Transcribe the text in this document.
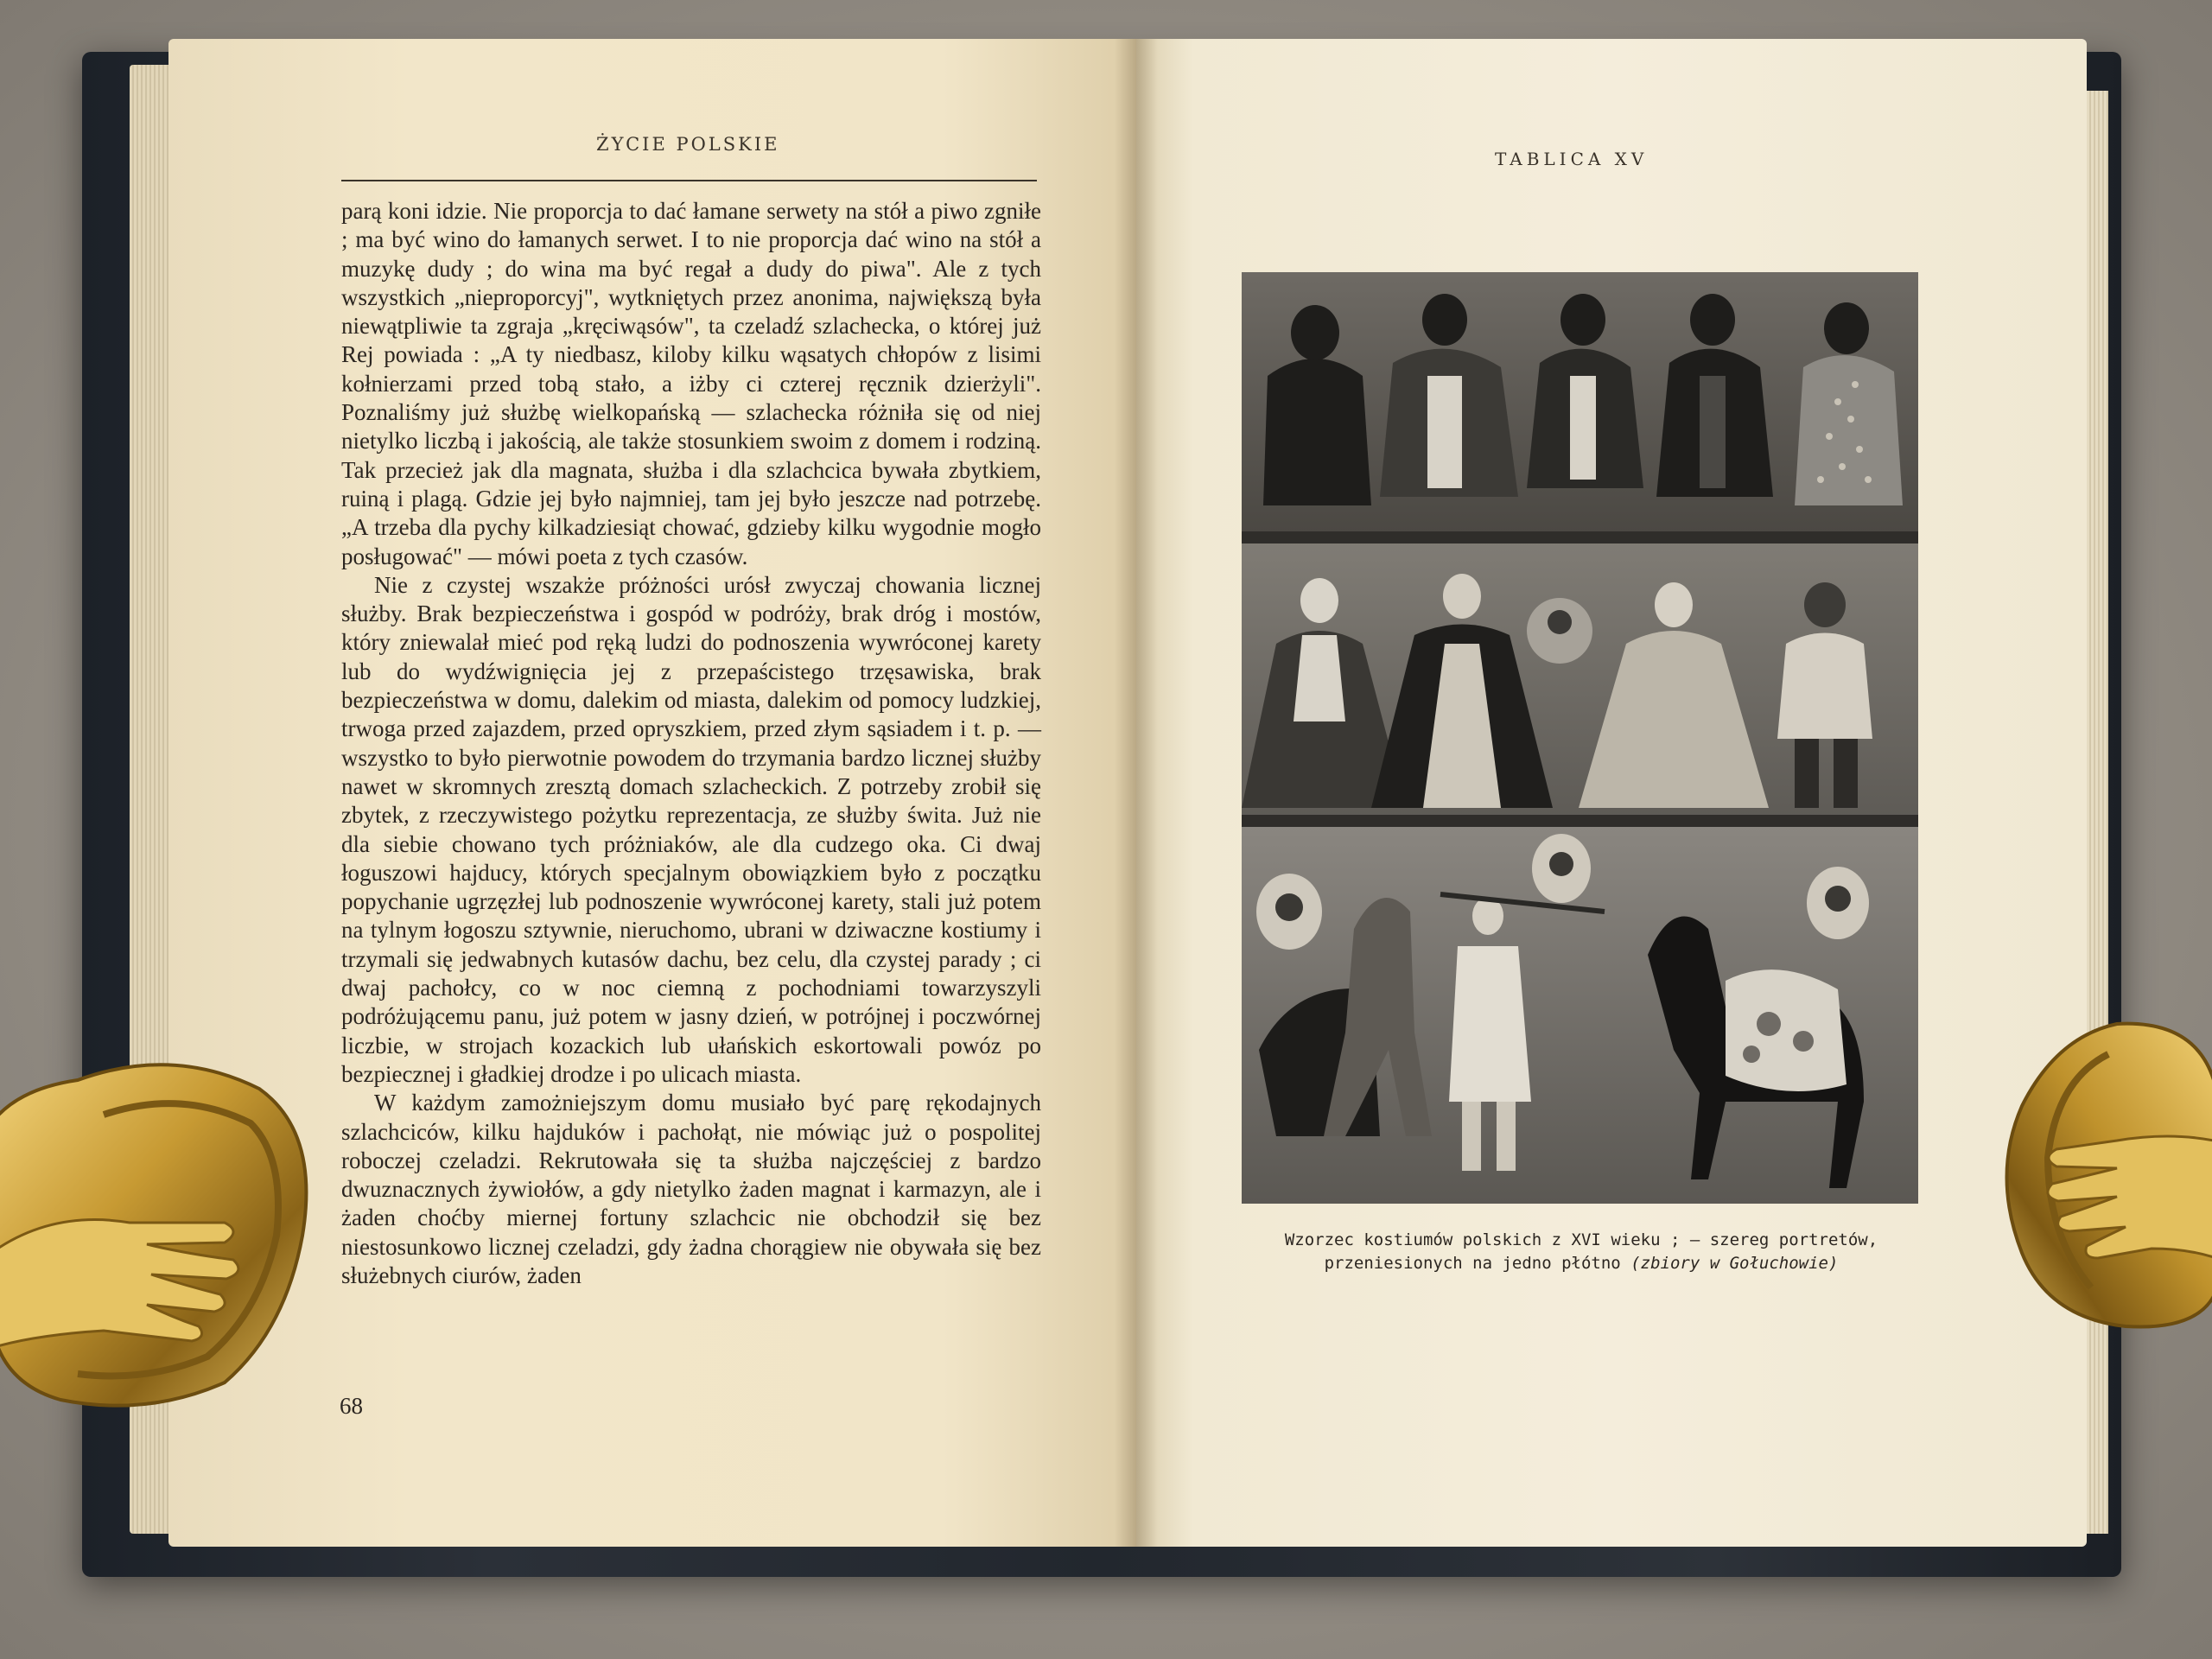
ŻYCIE POLSKIE

parą koni idzie. Nie proporcja to dać łamane serwety na stół a piwo zgniłe ; ma być wino do łamanych serwet. I to nie proporcja dać wino na stół a muzykę dudy ; do wina ma być regał a dudy do piwa". Ale z tych wszystkich „nieproporcyj", wytkniętych przez anonima, największą była niewątpliwie ta zgraja „kręciwąsów", ta czeladź szlachecka, o której już Rej powiada : „A ty niedbasz, kiloby kilku wąsatych chłopów z lisimi kołnierzami przed tobą stało, a iżby ci czterej ręcznik dzierżyli". Poznaliśmy już służbę wielkopańską — szlachecka różniła się od niej nietylko liczbą i jakością, ale także stosunkiem swoim z domem i rodziną. Tak przecież jak dla magnata, służba i dla szlachcica bywała zbytkiem, ruiną i plagą. Gdzie jej było najmniej, tam jej było jeszcze nad potrzebę. „A trzeba dla pychy kilkadziesiąt chować, gdzieby kilku wygodnie mogło posługować" — mówi poeta z tych czasów.

Nie z czystej wszakże próżności urósł zwyczaj chowania licznej służby. Brak bezpieczeństwa i gospód w podróży, brak dróg i mostów, który zniewalał mieć pod ręką ludzi do podnoszenia wywróconej karety lub do wydźwignięcia jej z przepaścistego trzęsawiska, brak bezpieczeństwa w domu, dalekim od miasta, dalekim od pomocy ludzkiej, trwoga przed zajazdem, przed opryszkiem, przed złym sąsiadem i t. p. — wszystko to było pierwotnie powodem do trzymania bardzo licznej służby nawet w skromnych zresztą domach szlacheckich. Z potrzeby zrobił się zbytek, z rzeczywistego pożytku reprezentacja, ze służby świta. Już nie dla siebie chowano tych próżniaków, ale dla cudzego oka. Ci dwaj łoguszowi hajducy, których specjalnym obowiązkiem było z początku popychanie ugrzęzłej lub podnoszenie wywróconej karety, stali już potem na tylnym łogoszu sztywnie, nieruchomo, ubrani w dziwaczne kostiumy i trzymali się jedwabnych kutasów dachu, bez celu, dla czystej parady ; ci dwaj pachołcy, co w noc ciemną z pochodniami towarzyszyli podróżującemu panu, już potem w jasny dzień, w potrójnej i poczwórnej liczbie, w strojach kozackich lub ułańskich eskortowali powóz po bezpiecznej i gładkiej drodze i po ulicach miasta.

W każdym zamożniejszym domu musiało być parę rękodajnych szlachciców, kilku hajduków i pachołąt, nie mówiąc już o pospolitej roboczej czeladzi. Rekrutowała się ta służba najczęściej z bardzo dwuznacznych żywiołów, a gdy nietylko żaden magnat i karmazyn, ale i żaden choćby miernej fortuny szlachcic nie obchodził się bez niestosunkowo licznej czeladzi, gdy żadna chorągiew nie obywała się bez służebnych ciurów, żaden

68
TABLICA XV
Wzorzec kostiumów polskich z XVI wieku ; — szereg portretów, przeniesionych na jedno płótno (zbiory w Gołuchowie)
